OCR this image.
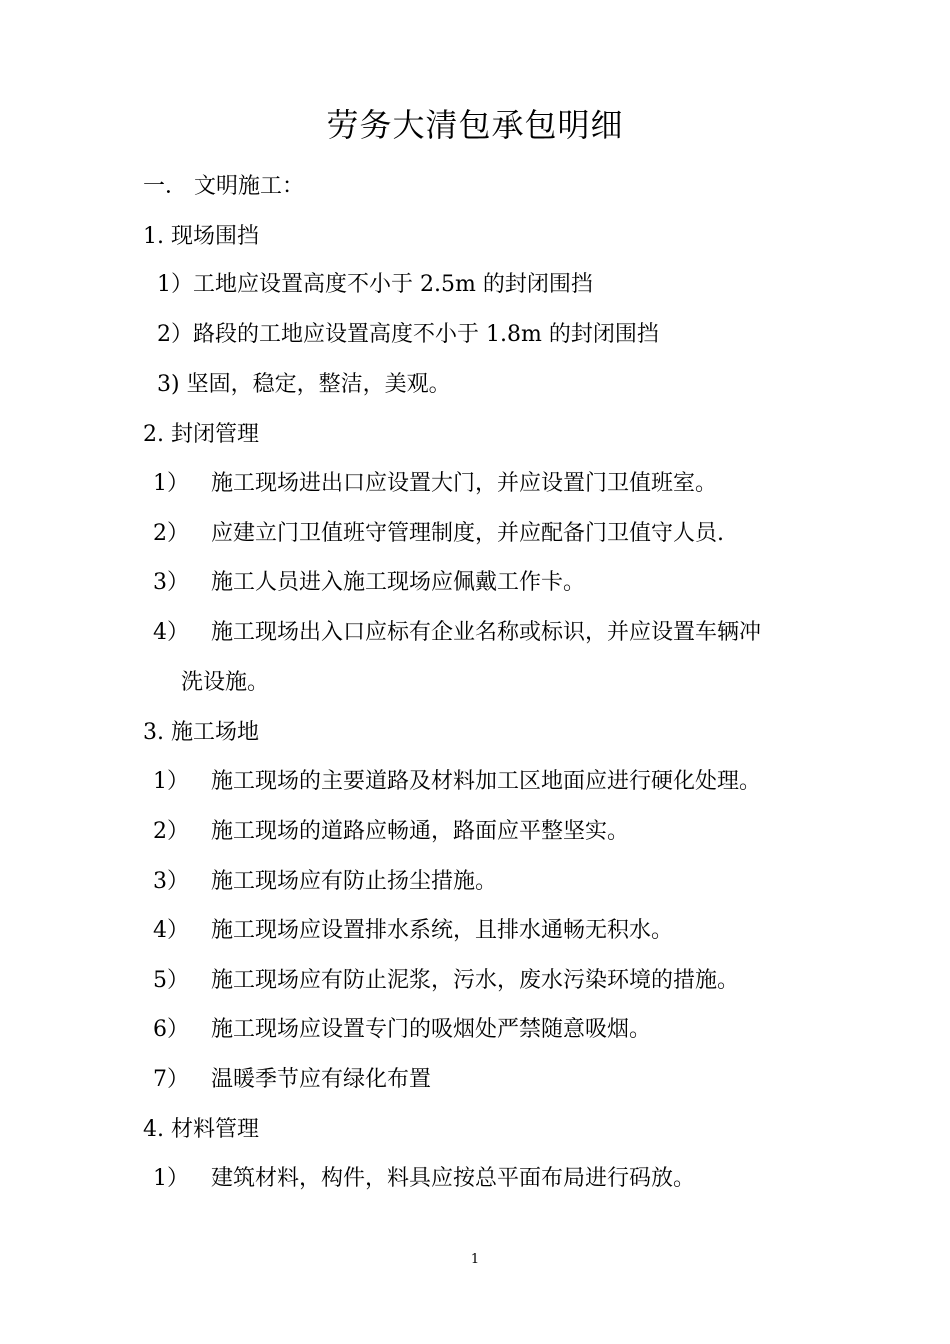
劳务大清包承包明细
一． 文明施工：
1. 现场围挡
1）工地应设置高度不小于 2.5m 的封闭围挡
2）路段的工地应设置高度不小于 1.8m 的封闭围挡
3) 坚固，稳定，整洁，美观。
2. 封闭管理
1） 施工现场进出口应设置大门，并应设置门卫值班室。
2） 应建立门卫值班守管理制度，并应配备门卫值守人员.
3） 施工人员进入施工现场应佩戴工作卡。
4） 施工现场出入口应标有企业名称或标识，并应设置车辆冲
洗设施。
3. 施工场地
1） 施工现场的主要道路及材料加工区地面应进行硬化处理。
2） 施工现场的道路应畅通，路面应平整坚实。
3） 施工现场应有防止扬尘措施。
4） 施工现场应设置排水系统，且排水通畅无积水。
5） 施工现场应有防止泥浆，污水，废水污染环境的措施。
6） 施工现场应设置专门的吸烟处严禁随意吸烟。
7） 温暖季节应有绿化布置
4. 材料管理
1） 建筑材料，构件，料具应按总平面布局进行码放。
1
